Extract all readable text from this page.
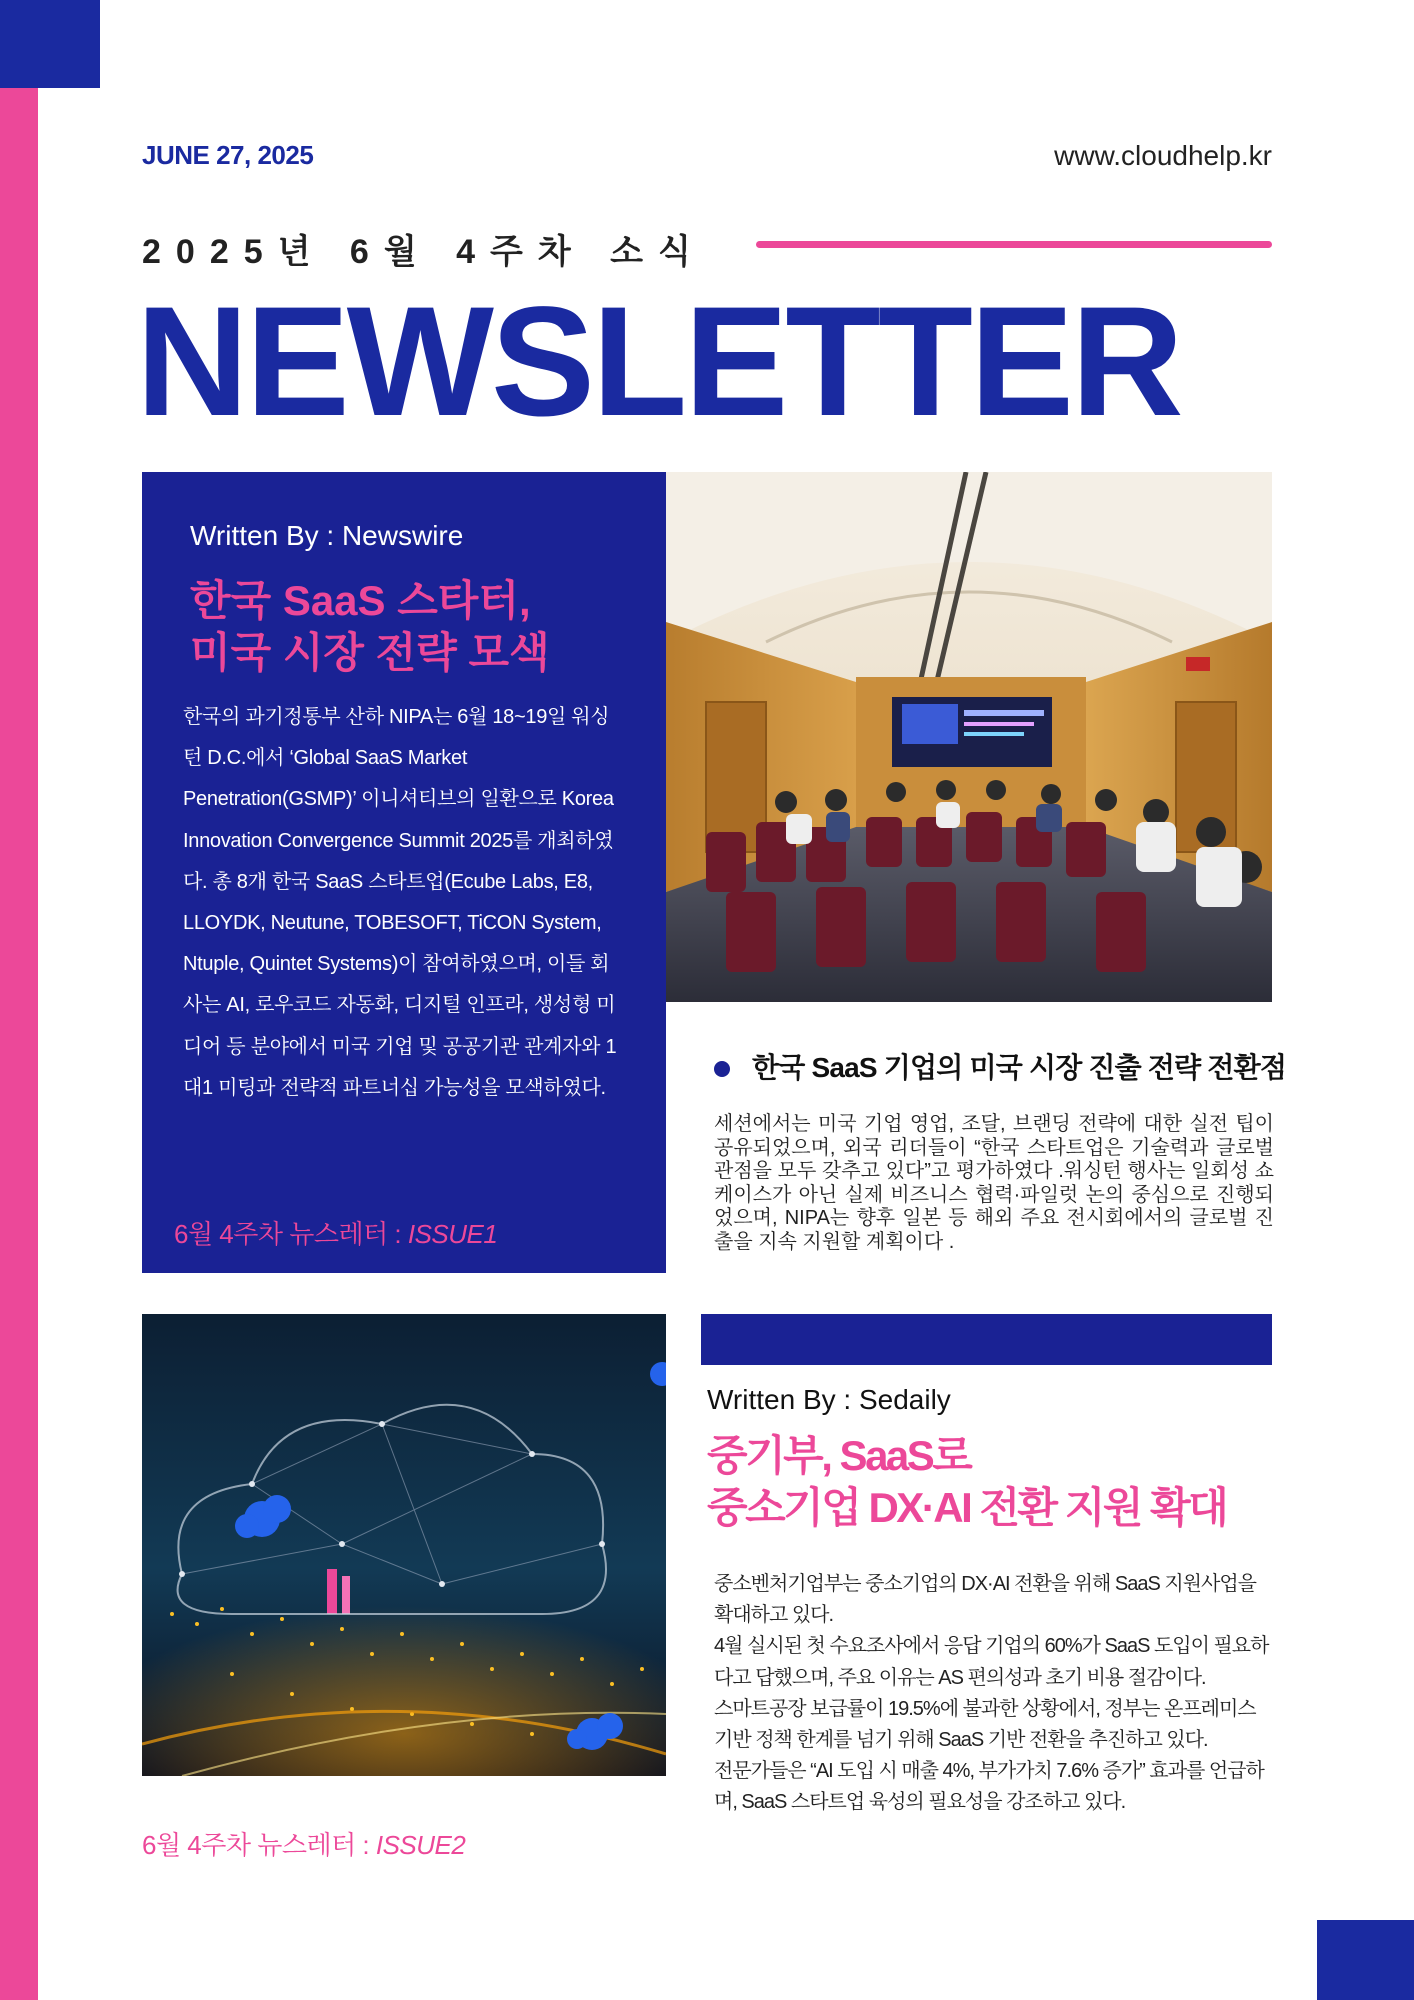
JUNE 27, 2025	www.cloudhelp.kr
2025년 6월 4주차 소식
NEWSLETTER
Written By : Newswire
한국 SaaS 스타터,
미국 시장 전략 모색
한국의 과기정통부 산하 NIPA는 6월 18~19일 워싱턴 D.C.에서 ‘Global SaaS Market Penetration(GSMP)’ 이니셔티브의 일환으로 Korea Innovation Convergence Summit 2025를 개최하였다. 총 8개 한국 SaaS 스타트업(Ecube Labs, E8, LLOYDK, Neutune, TOBESOFT, TiCON System, Ntuple, Quintet Systems)이 참여하였으며, 이들 회사는 AI, 로우코드 자동화, 디지털 인프라, 생성형 미디어 등 분야에서 미국 기업 및 공공기관 관계자와 1대1 미팅과 전략적 파트너십 가능성을 모색하였다.
6월 4주차 뉴스레터 : ISSUE1
한국 SaaS 기업의 미국 시장 진출 전략 전환점
세션에서는 미국 기업 영업, 조달, 브랜딩 전략에 대한 실전 팁이 공유되었으며, 외국 리더들이 “한국 스타트업은 기술력과 글로벌 관점을 모두 갖추고 있다”고 평가하였다 .워싱턴 행사는 일회성 쇼케이스가 아닌 실제 비즈니스 협력·파일럿 논의 중심으로 진행되었으며, NIPA는 향후 일본 등 해외 주요 전시회에서의 글로벌 진출을 지속 지원할 계획이다 .
6월 4주차 뉴스레터 : ISSUE2
Written By : Sedaily
중기부, SaaS로
중소기업 DX·AI 전환 지원 확대
중소벤처기업부는 중소기업의 DX·AI 전환을 위해 SaaS 지원사업을 확대하고 있다.
4월 실시된 첫 수요조사에서 응답 기업의 60%가 SaaS 도입이 필요하다고 답했으며, 주요 이유는 AS 편의성과 초기 비용 절감이다.
스마트공장 보급률이 19.5%에 불과한 상황에서, 정부는 온프레미스 기반 정책 한계를 넘기 위해 SaaS 기반 전환을 추진하고 있다.
전문가들은 “AI 도입 시 매출 4%, 부가가치 7.6% 증가” 효과를 언급하며, SaaS 스타트업 육성의 필요성을 강조하고 있다.
